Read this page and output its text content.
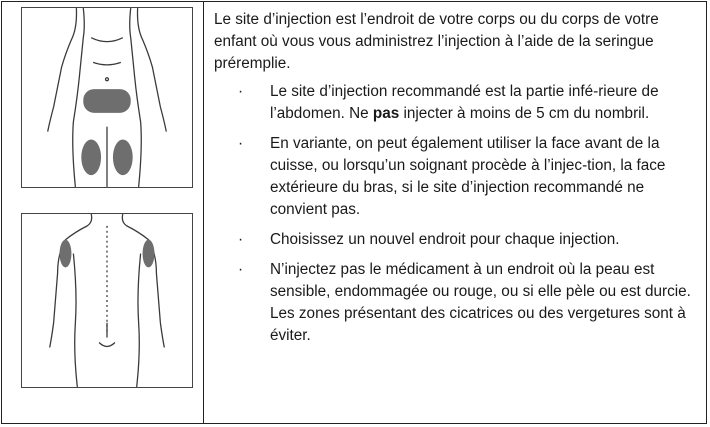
Le site d’injection est l’endroit de votre corps ou du corps de votre enfant où vous vous administrez l’injection à l’aide de la seringue préremplie.

· Le site d’injection recommandé est la partie infé-rieure de l’abdomen. Ne pas injecter à moins de 5 cm du nombril.
· En variante, on peut également utiliser la face avant de la cuisse, ou lorsqu’un soignant procède à l’injec-tion, la face extérieure du bras, si le site d’injection recommandé ne convient pas.
· Choisissez un nouvel endroit pour chaque injection.
· N’injectez pas le médicament à un endroit où la peau est sensible, endommagée ou rouge, ou si elle pèle ou est durcie. Les zones présentant des cicatrices ou des vergetures sont à éviter.
